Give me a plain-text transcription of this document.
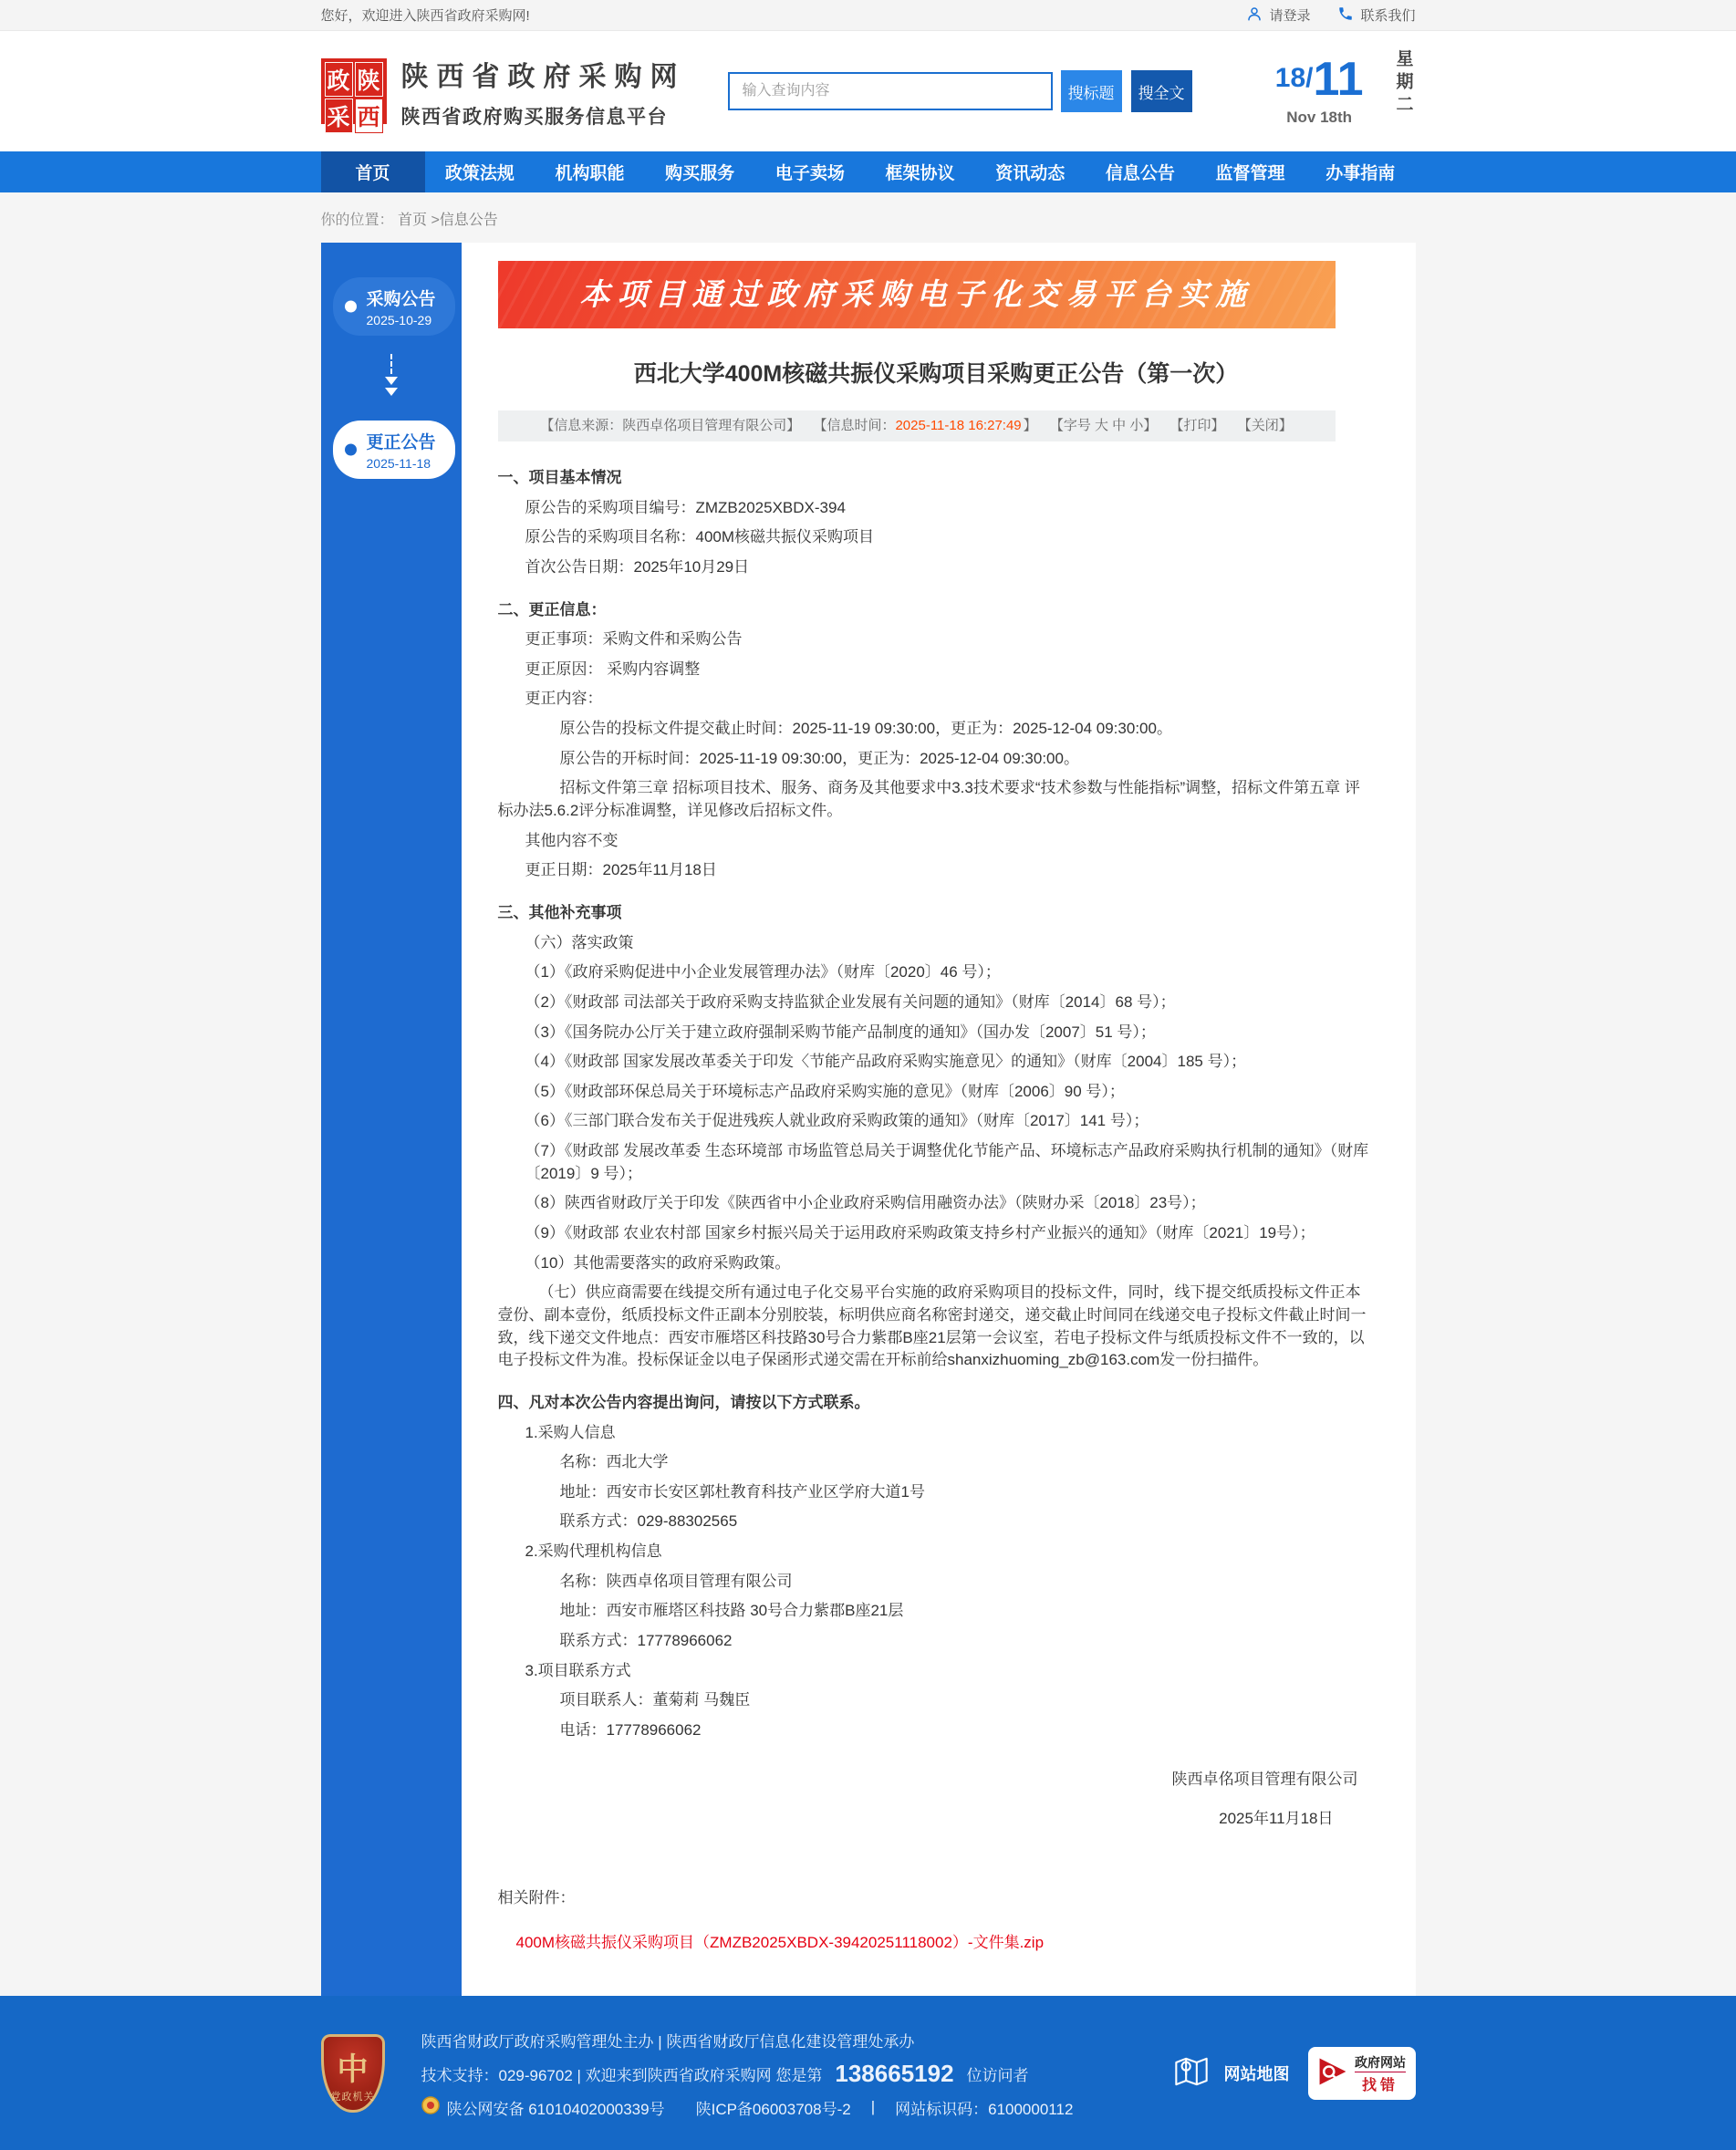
您好，欢迎进入陕西省政府采购网!	请登录	联系我们
政 陕
采 西
陕西省政府采购网
陕西省政府购买服务信息平台
输入查询内容
搜标题	搜全文	18/ 11
Nov 18th	星期二
首页	政策法规	机构职能	购买服务	电子卖场	框架协议	资讯动态	信息公告	监督管理	办事指南
你的位置： 首页 >信息公告
采购公告
2025-10-29
更正公告
2025-11-18
本项目通过政府采购电子化交易平台实施
西北大学400M核磁共振仪采购项目采购更正公告（第一次）
【信息来源：陕西卓佲项目管理有限公司】 【信息时间：2025-11-18 16:27:49 】 【字号 大 中 小】 【打印】 【关闭】

一、项目基本情况

原公告的采购项目编号：ZMZB2025XBDX-394

原公告的采购项目名称：400M核磁共振仪采购项目

首次公告日期：2025年10月29日

二、更正信息：

更正事项：采购文件和采购公告

更正原因： 采购内容调整

更正内容：

原公告的投标文件提交截止时间：2025-11-19 09:30:00，更正为：2025-12-04 09:30:00。

原公告的开标时间：2025-11-19 09:30:00，更正为：2025-12-04 09:30:00。

招标文件第三章 招标项目技术、服务、商务及其他要求中3.3技术要求“技术参数与性能指标”调整，招标文件第五章 评标办法5.6.2评分标准调整，详见修改后招标文件。

其他内容不变

更正日期：2025年11月18日

三、其他补充事项

（六）落实政策

（1）《政府采购促进中小企业发展管理办法》（财库〔2020〕46 号）；

（2）《财政部 司法部关于政府采购支持监狱企业发展有关问题的通知》（财库〔2014〕68 号）；

（3）《国务院办公厅关于建立政府强制采购节能产品制度的通知》（国办发〔2007〕51 号）；

（4）《财政部 国家发展改革委关于印发〈节能产品政府采购实施意见〉的通知》（财库〔2004〕185 号）；

（5）《财政部环保总局关于环境标志产品政府采购实施的意见》（财库〔2006〕90 号）；

（6）《三部门联合发布关于促进残疾人就业政府采购政策的通知》（财库〔2017〕141 号）；

（7）《财政部 发展改革委 生态环境部 市场监管总局关于调整优化节能产品、环境标志产品政府采购执行机制的通知》（财库〔2019〕9 号）；

（8）陕西省财政厅关于印发《陕西省中小企业政府采购信用融资办法》（陕财办采〔2018〕23号）；

（9）《财政部 农业农村部 国家乡村振兴局关于运用政府采购政策支持乡村产业振兴的通知》（财库〔2021〕19号）；

（10）其他需要落实的政府采购政策。

（七）供应商需要在线提交所有通过电子化交易平台实施的政府采购项目的投标文件，同时，线下提交纸质投标文件正本壹份、副本壹份，纸质投标文件正副本分别胶装，标明供应商名称密封递交，递交截止时间同在线递交电子投标文件截止时间一致，线下递交文件地点：西安市雁塔区科技路30号合力紫郡B座21层第一会议室，若电子投标文件与纸质投标文件不一致的，以电子投标文件为准。投标保证金以电子保函形式递交需在开标前给shanxizhuoming_zb@163.com发一份扫描件。

四、凡对本次公告内容提出询问，请按以下方式联系。

1.采购人信息

名称：西北大学

地址：西安市长安区郭杜教育科技产业区学府大道1号

联系方式：029-88302565

2.采购代理机构信息

名称：陕西卓佲项目管理有限公司

地址：西安市雁塔区科技路 30号合力紫郡B座21层

联系方式：17778966062

3.项目联系方式

项目联系人：董菊莉 马魏臣

电话：17778966062

陕西卓佲项目管理有限公司
2025年11月18日
相关附件：
400M核磁共振仪采购项目（ZMZB2025XBDX-39420251118002）-文件集.zip
中
党政机关
陕西省财政厅政府采购管理处主办 | 陕西省财政厅信息化建设管理处承办
技术支持：029-96702 | 欢迎来到陕西省政府采购网 您是第 138665192 位访问者
陕公网安备 61010402000339号 陕ICP备06003708号-2 | 网站标识码：6100000112
网站地图
政府网站
找错
